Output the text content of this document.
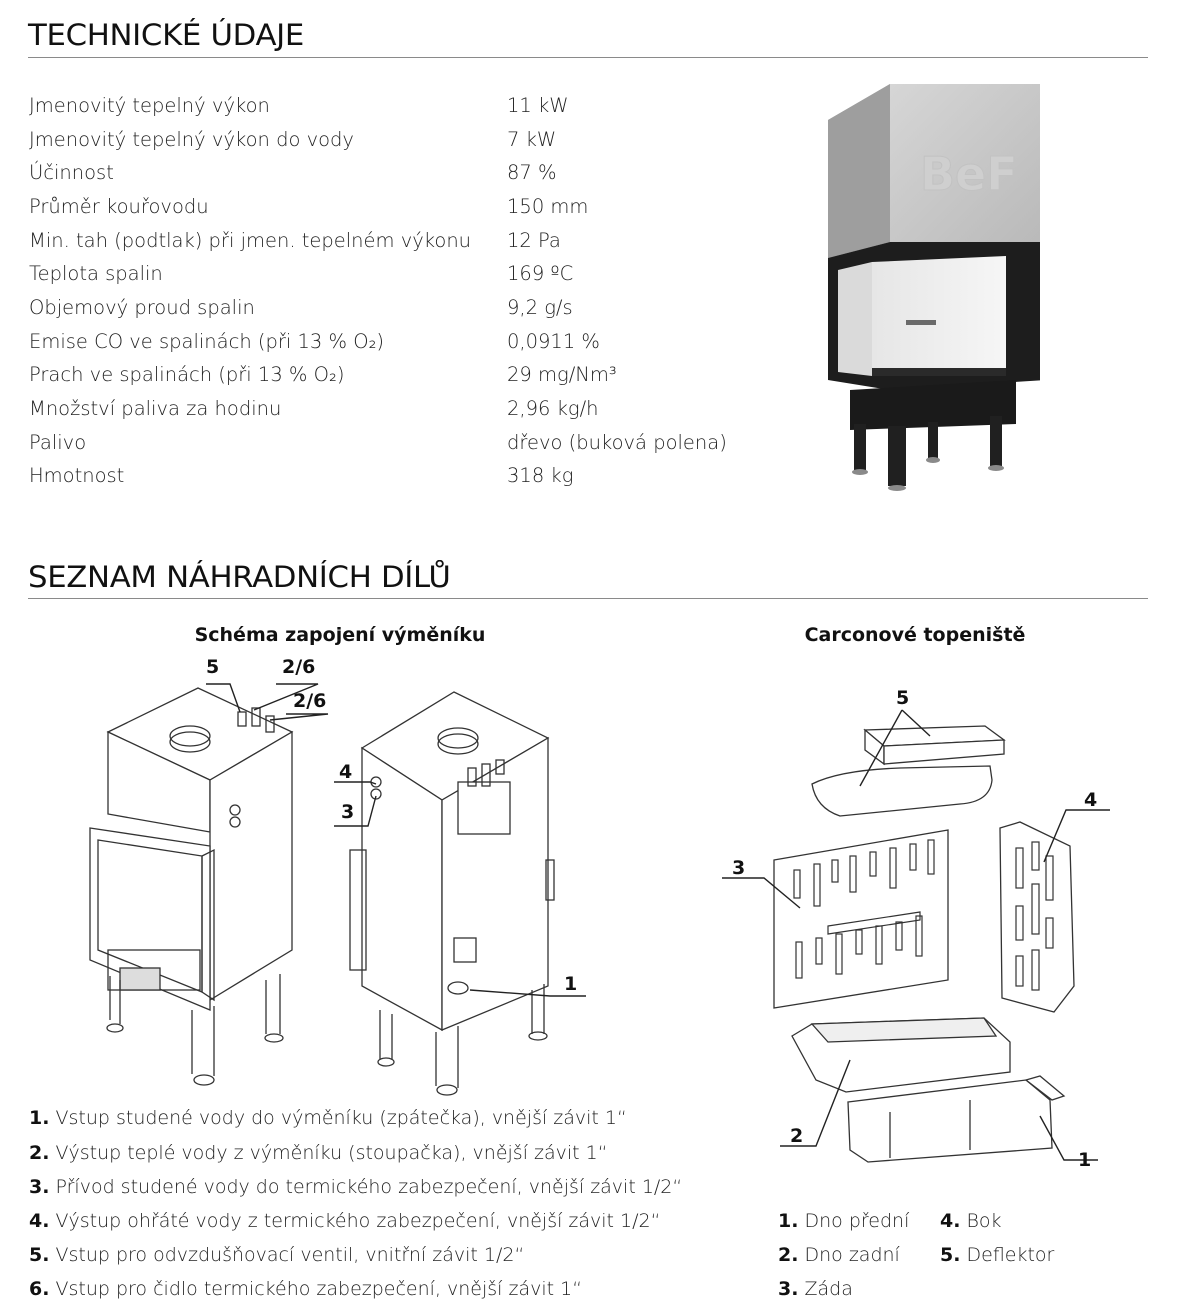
TECHNICKÉ ÚDAJE
Jmenovitý tepelný výkon	11 kW
Jmenovitý tepelný výkon do vody	7 kW
Účinnost	87 %
Průměr kouřovodu	150 mm
Min. tah (podtlak) při jmen. tepelném výkonu 12 Pa
Teplota spalin	169 ºC
Objemový proud spalin	9,2 g/s
Emise CO ve spalinách (při 13 % O₂)	0,0911 %
Prach ve spalinách (při 13 % O₂)	29 mg/Nm³
Množství paliva za hodinu	2,96 kg/h
Palivo	dřevo (buková polena)
Hmotnost	318 kg
BeF
SEZNAM NÁHRADNÍCH DÍLŮ
Schéma zapojení výměníku	Carconové topeniště
5	2/6
2/6
4
3
1
5
4
3
2
1
1. Vstup studené vody do výměníku (zpátečka), vnější závit 1“
2. Výstup teplé vody z výměníku (stoupačka), vnější závit 1“
3. Přívod studené vody do termického zabezpečení, vnější závit 1/2“
4. Výstup ohřáté vody z termického zabezpečení, vnější závit 1/2“
5. Vstup pro odvzdušňovací ventil, vnitřní závit 1/2“
6. Vstup pro čidlo termického zabezpečení, vnější závit 1“
1. Dno přední
2. Dno zadní
3. Záda
4. Bok
5. Deflektor
